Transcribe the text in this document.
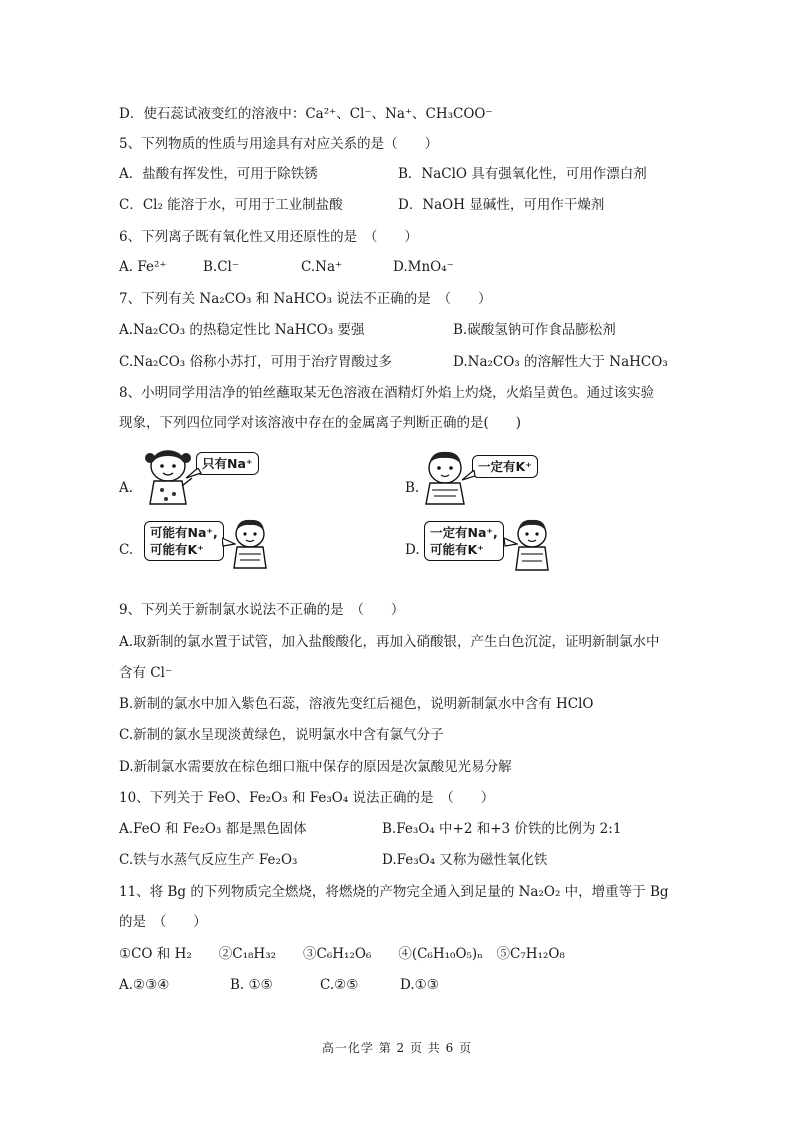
D．使石蕊试液变红的溶液中：Ca²⁺、Cl⁻、Na⁺、CH₃COO⁻
5、下列物质的性质与用途具有对应关系的是（　　）
A．盐酸有挥发性，可用于除铁锈	B．NaClO 具有强氧化性，可用作漂白剂
C．Cl₂ 能溶于水，可用于工业制盐酸	D．NaOH 显碱性，可用作干燥剂
6、下列离子既有氧化性又用还原性的是　（　　）
A. Fe²⁺	B.Cl⁻	C.Na⁺	D.MnO₄⁻
7、下列有关 Na₂CO₃ 和 NaHCO₃ 说法不正确的是　（　　）
A.Na₂CO₃ 的热稳定性比 NaHCO₃ 要强	B.碳酸氢钠可作食品膨松剂
C.Na₂CO₃ 俗称小苏打，可用于治疗胃酸过多	D.Na₂CO₃ 的溶解性大于 NaHCO₃
8、小明同学用洁净的铂丝蘸取某无色溶液在酒精灯外焰上灼烧，火焰呈黄色。通过该实验
现象，下列四位同学对该溶液中存在的金属离子判断正确的是(　　)
A.
只有Na⁺
B.
一定有K⁺
C.
可能有Na⁺,
可能有K⁺	D.
一定有Na⁺,
可能有K⁺
9、下列关于新制氯水说法不正确的是　（　　）
A.取新制的氯水置于试管，加入盐酸酸化，再加入硝酸银，产生白色沉淀，证明新制氯水中
含有 Cl⁻
B.新制的氯水中加入紫色石蕊，溶液先变红后褪色，说明新制氯水中含有 HClO
C.新制的氯水呈现淡黄绿色，说明氯水中含有氯气分子
D.新制氯水需要放在棕色细口瓶中保存的原因是次氯酸见光易分解
10、下列关于 FeO、Fe₂O₃ 和 Fe₃O₄ 说法正确的是　（　　）
A.FeO 和 Fe₂O₃ 都是黑色固体	B.Fe₃O₄ 中+2 和+3 价铁的比例为 2:1
C.铁与水蒸气反应生产 Fe₂O₃	D.Fe₃O₄ 又称为磁性氧化铁
11、将 Bg 的下列物质完全燃烧，将燃烧的产物完全通入到足量的 Na₂O₂ 中，增重等于 Bg
的是　（　　）
①CO 和 H₂　　②C₁₈H₃₂　　③C₆H₁₂O₆　　④(C₆H₁₀O₅)ₙ　⑤C₇H₁₂O₈
A.②③④	B. ①⑤	C.②⑤	D.①③
高一化学 第 2 页 共 6 页
